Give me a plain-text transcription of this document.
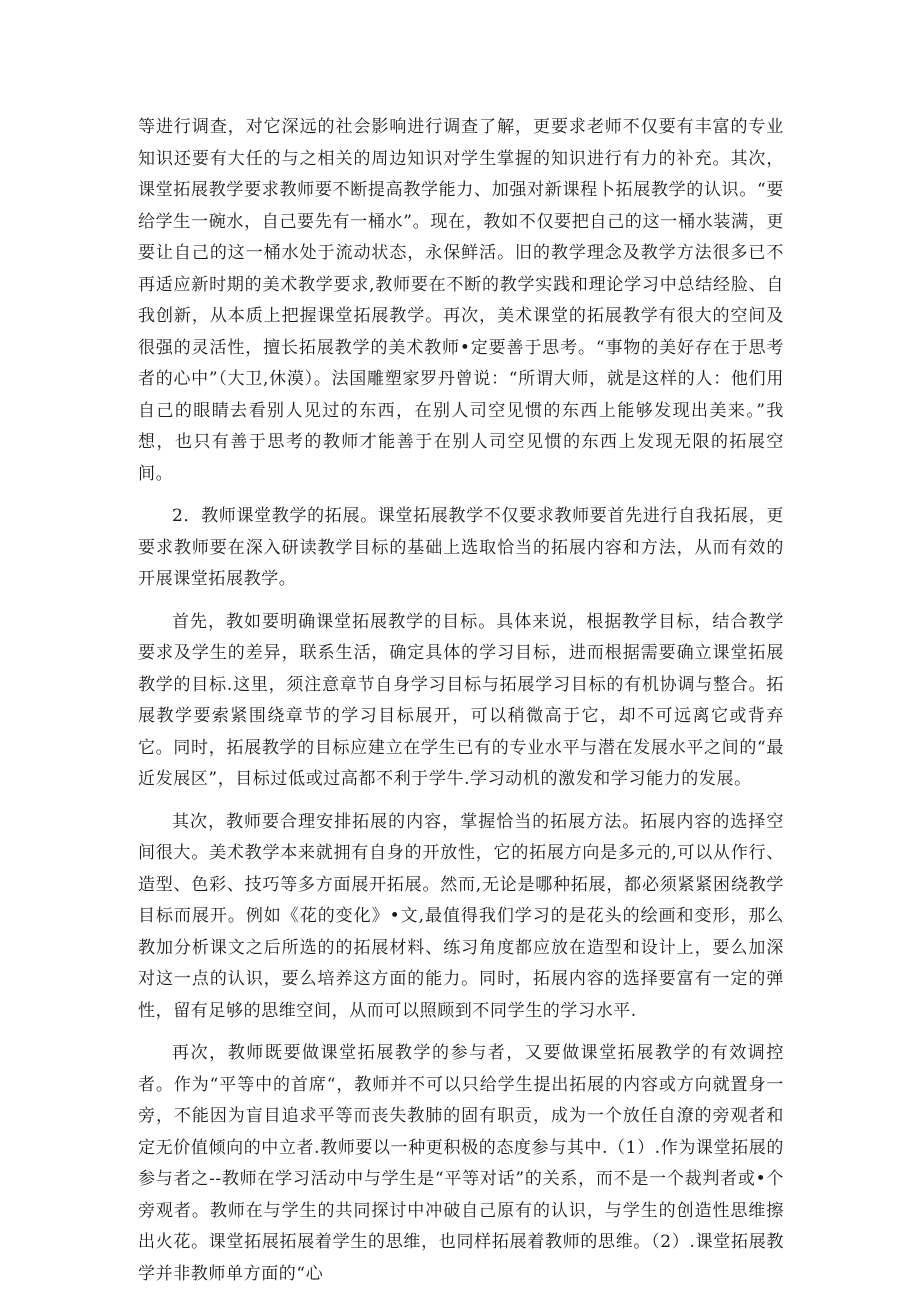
等进行调查，对它深远的社会影响进行调查了解，更要求老师不仅要有丰富的专业知识还要有大任的与之相关的周边知识对学生掌握的知识进行有力的补充。其次，课堂拓展教学要求教师要不断提高教学能力、加强对新课程卜拓展教学的认识。“要给学生一碗水，自己要先有一桶水”。现在，教如不仅要把自己的这一桶水装满，更要让自己的这一桶水处于流动状态，永保鲜活。旧的教学理念及教学方法很多已不再适应新时期的美术教学要求,教师要在不断的教学实践和理论学习中总结经脸、自我创新，从本质上把握课堂拓展教学。再次，美术课堂的拓展教学有很大的空间及很强的灵活性，擅长拓展教学的美术教师•定要善于思考。“事物的美好存在于思考者的心中”（大卫,休漠）。法国雕塑家罗丹曾说：“所谓大师，就是这样的人：他们用自己的眼睛去看别人见过的东西，在别人司空见惯的东西上能够发现出美来。”我想，也只有善于思考的教师才能善于在别人司空见惯的东西上发现无限的拓展空间。

2．教师课堂教学的拓展。课堂拓展教学不仅要求教师要首先进行自我拓展，更要求教师要在深入研读教学目标的基础上选取恰当的拓展内容和方法，从而有效的开展课堂拓展教学。

首先，教如要明确课堂拓展教学的目标。具体来说，根据教学目标，结合教学要求及学生的差异，联系生活，确定具体的学习目标，进而根据需要确立课堂拓展教学的目标.这里，须注意章节自身学习目标与拓展学习目标的有机协调与整合。拓展教学要索紧围绕章节的学习目标展开，可以稍微高于它，却不可远离它或背弃它。同时，拓展教学的目标应建立在学生已有的专业水平与潜在发展水平之间的“最近发展区”，目标过低或过高都不利于学牛.学习动机的激发和学习能力的发展。

其次，教师要合理安排拓展的内容，掌握恰当的拓展方法。拓展内容的选择空间很大。美术教学本来就拥有自身的开放性，它的拓展方向是多元的,可以从作行、造型、色彩、技巧等多方面展开拓展。然而,无论是哪种拓展，都必须紧紧困绕教学目标而展开。例如《花的变化》•文,最值得我们学习的是花头的绘画和变形，那么教加分析课文之后所选的的拓展材料、练习角度都应放在造型和设计上，要么加深对这一点的认识，要么培养这方面的能力。同时，拓展内容的选择要富有一定的弹性，留有足够的思维空间，从而可以照顾到不同学生的学习水平.

再次，教师既要做课堂拓展教学的参与者，又要做课堂拓展教学的有效调控者。作为“平等中的首席“，教师并不可以只给学生提出拓展的内容或方向就置身一旁，不能因为盲目追求平等而丧失教肺的固有职贡，成为一个放任自潦的旁观者和定无价值倾向的中立者.教师要以一种更积极的态度参与其中.（1）.作为课堂拓展的参与者之--教师在学习活动中与学生是“平等对话”的关系，而不是一个裁判者或•个旁观者。教师在与学生的共同探讨中冲破自己原有的认识，与学生的创造性思维擦出火花。课堂拓展拓展着学生的思维，也同样拓展着教师的思维。（2）.课堂拓展教学并非教师单方面的“心
